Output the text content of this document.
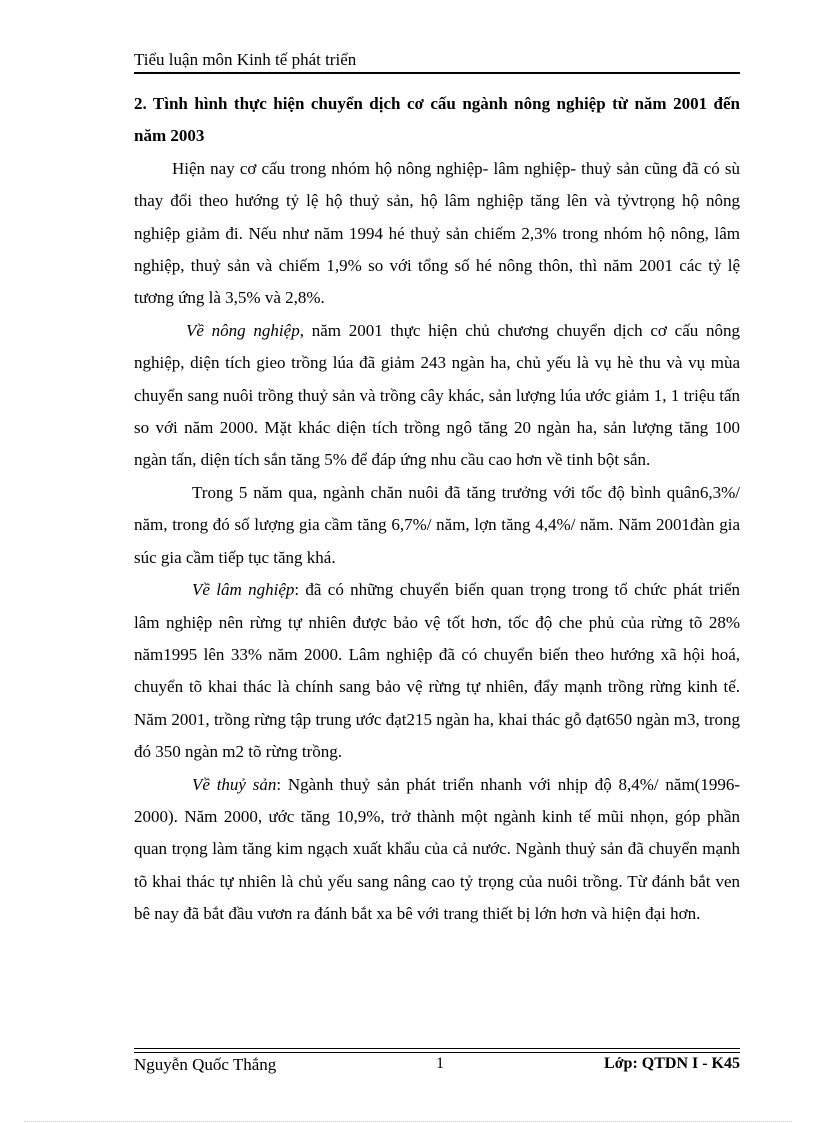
Tiểu luận môn Kinh tế phát triển
2. Tình hình thực hiện chuyển dịch cơ cấu ngành nông nghiệp từ năm 2001 đến năm 2003

Hiện nay cơ cấu trong nhóm hộ nông nghiệp- lâm nghiệp- thuỷ sản cũng đã có sù thay đổi theo hướng tỷ lệ hộ thuỷ sản, hộ lâm nghiệp tăng lên và tỷvtrọng hộ nông nghiệp giảm đi. Nếu như năm 1994 hé thuỷ sản chiếm 2,3% trong nhóm hộ nông, lâm nghiệp, thuỷ sản và chiếm 1,9% so với tổng số hé nông thôn, thì năm 2001 các tỷ lệ tương ứng là 3,5% và 2,8%.

Về nông nghiệp, năm 2001 thực hiện chủ chương chuyển dịch cơ cấu nông nghiệp, diện tích gieo trồng lúa đã giảm 243 ngàn ha, chủ yếu là vụ hè thu và vụ mùa chuyển sang nuôi trồng thuỷ sản và trồng cây khác, sản lượng lúa ước giảm 1, 1 triệu tấn so với năm 2000. Mặt khác diện tích trồng ngô tăng 20 ngàn ha, sản lượng tăng 100 ngàn tấn, diện tích sắn tăng 5% để đáp ứng nhu cầu cao hơn về tinh bột sắn.

Trong 5 năm qua, ngành chăn nuôi đã tăng trưởng với tốc độ bình quân6,3%/ năm, trong đó số lượng gia cầm tăng 6,7%/ năm, lợn tăng 4,4%/ năm. Năm 2001đàn gia súc gia cầm tiếp tục tăng khá.

Về lâm nghiệp: đã có những chuyển biến quan trọng trong tổ chức phát triển lâm nghiệp nên rừng tự nhiên được bảo vệ tốt hơn, tốc độ che phủ của rừng tõ 28% năm1995 lên 33% năm 2000. Lâm nghiệp đã có chuyển biến theo hướng xã hội hoá, chuyển tõ khai thác là chính sang bảo vệ rừng tự nhiên, đẩy mạnh trồng rừng kinh tế. Năm 2001, trồng rừng tập trung ước đạt215 ngàn ha, khai thác gỗ đạt650 ngàn m3, trong đó 350 ngàn m2 tõ rừng trồng.

Về thuỷ sản: Ngành thuỷ sản phát triển nhanh với nhịp độ 8,4%/ năm(1996-2000). Năm 2000, ước tăng 10,9%, trở thành một ngành kinh tế mũi nhọn, góp phần quan trọng làm tăng kim ngạch xuất khẩu của cả nước. Ngành thuỷ sản đã chuyển mạnh tõ khai thác tự nhiên là chủ yếu sang nâng cao tỷ trọng của nuôi trồng. Từ đánh bắt ven bê nay đã bắt đầu vươn ra đánh bắt xa bê với trang thiết bị lớn hơn và hiện đại hơn.

Nguyễn Quốc Thắng	1	Lớp: QTDN I - K45
